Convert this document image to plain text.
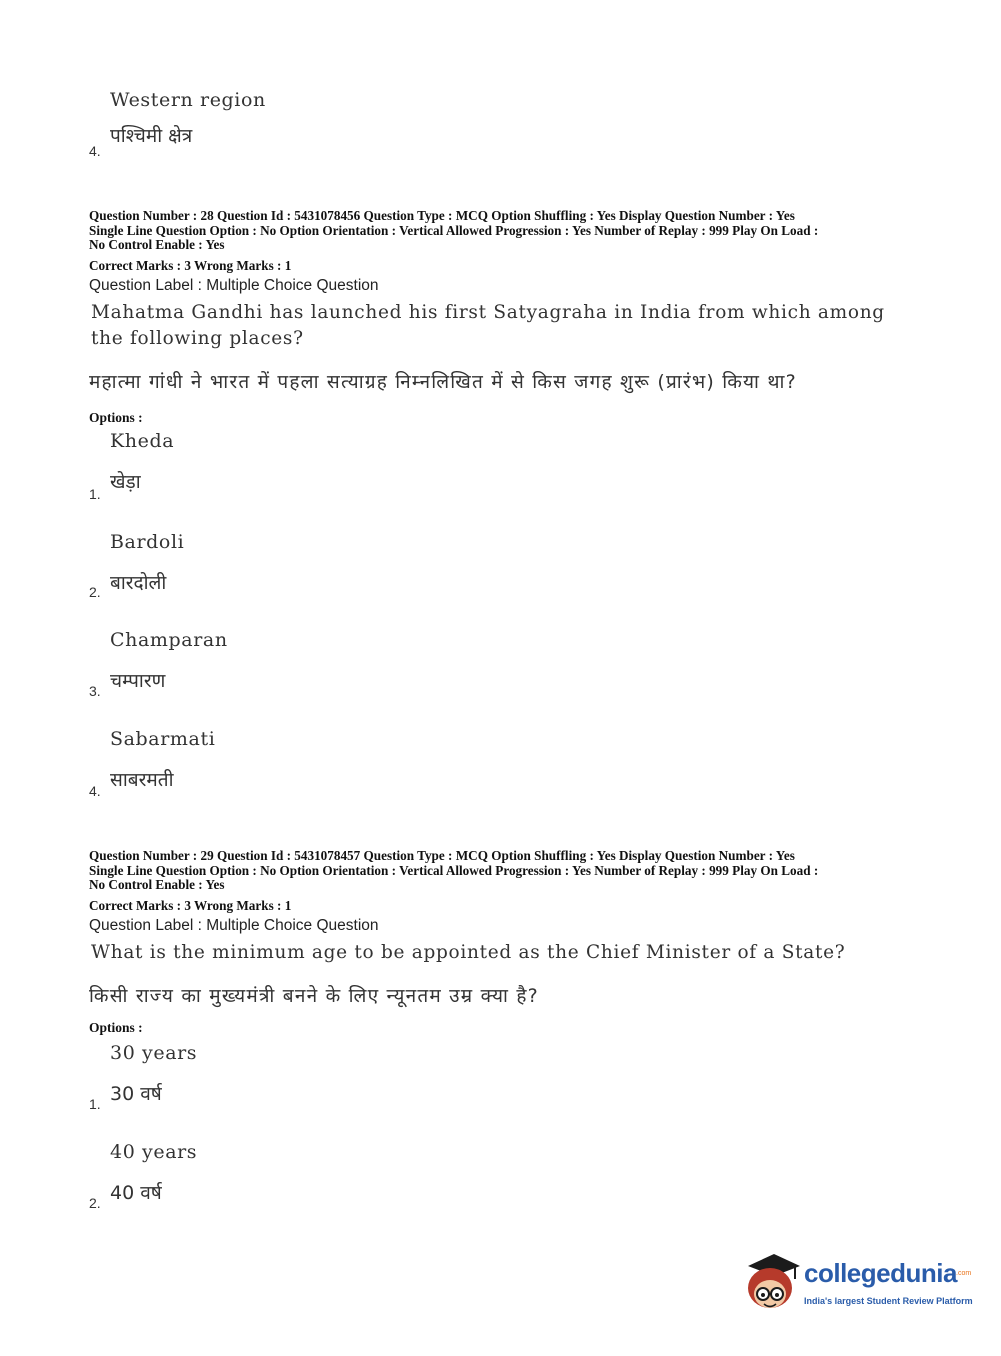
Western region
पश्चिमी क्षेत्र
4.
Question Number : 28 Question Id : 5431078456 Question Type : MCQ Option Shuffling : Yes Display Question Number : Yes
Single Line Question Option : No Option Orientation : Vertical Allowed Progression : Yes Number of Replay : 999 Play On Load :
No Control Enable : Yes
Correct Marks : 3 Wrong Marks : 1
Question Label : Multiple Choice Question
Mahatma Gandhi has launched his first Satyagraha in India from which among the following places?
महात्मा गांधी ने भारत में पहला सत्याग्रह निम्नलिखित में से किस जगह शुरू (प्रारंभ) किया था?
Options :
Kheda
खेड़ा
1.
Bardoli
बारदोली
2.
Champaran
चम्पारण
3.
Sabarmati
साबरमती
4.
Question Number : 29 Question Id : 5431078457 Question Type : MCQ Option Shuffling : Yes Display Question Number : Yes
Single Line Question Option : No Option Orientation : Vertical Allowed Progression : Yes Number of Replay : 999 Play On Load :
No Control Enable : Yes
Correct Marks : 3 Wrong Marks : 1
Question Label : Multiple Choice Question
What is the minimum age to be appointed as the Chief Minister of a State?
किसी राज्य का मुख्यमंत्री बनने के लिए न्यूनतम उम्र क्या है?
Options :
30 years
30 वर्ष
1.
40 years
40 वर्ष
2.
collegedunia .com
India's largest Student Review Platform
